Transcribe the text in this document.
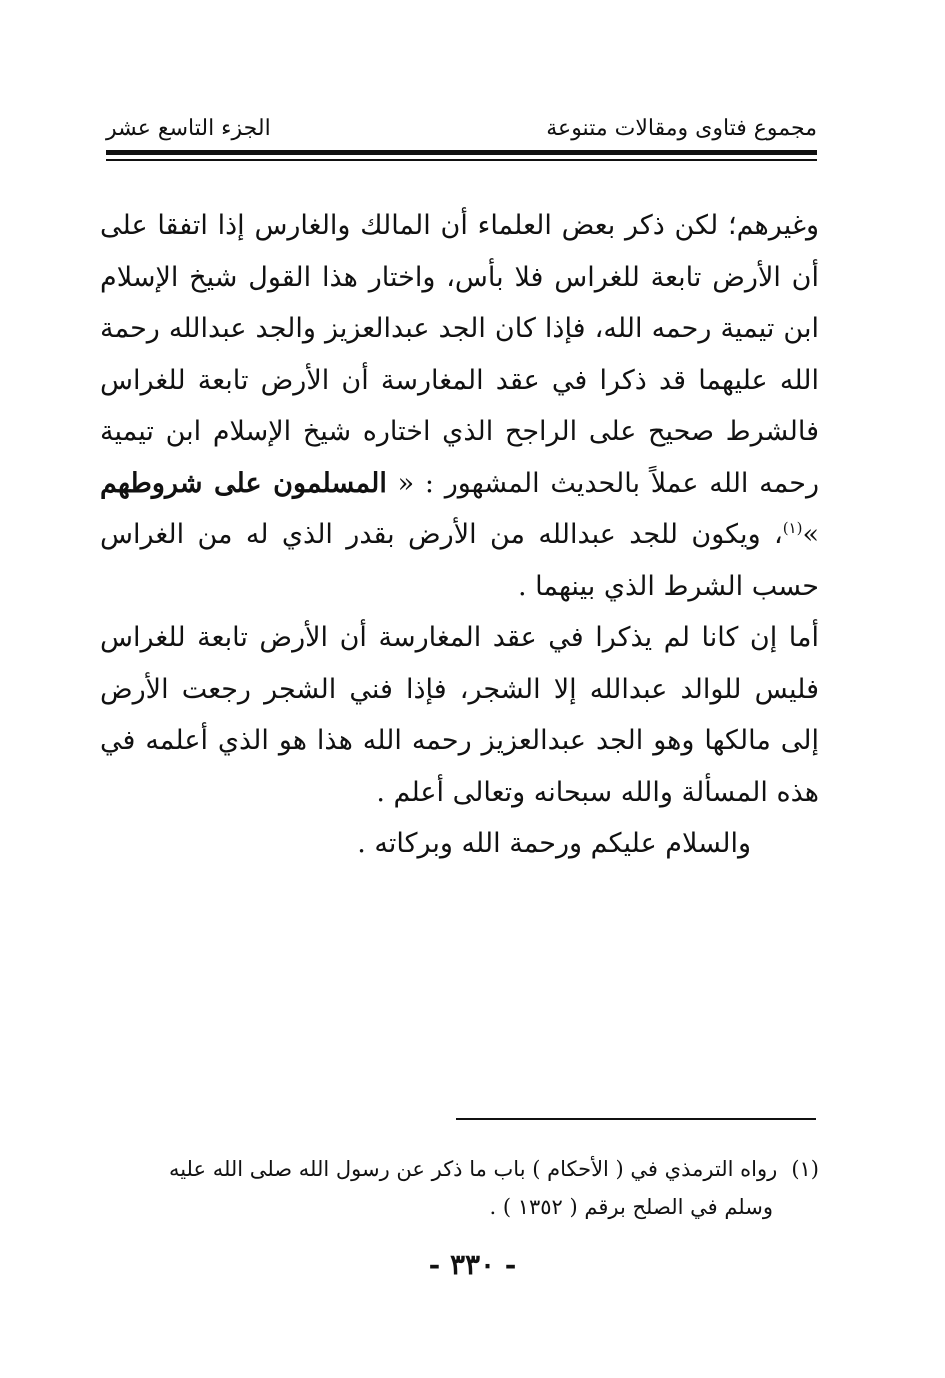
مجموع فتاوى ومقالات متنوعة
الجزء التاسع عشر

وغيرهم؛ لكن ذكر بعض العلماء أن المالك والغارس إذا اتفقا على أن الأرض تابعة للغراس فلا بأس، واختار هذا القول شيخ الإسلام ابن تيمية رحمه الله، فإذا كان الجد عبدالعزيز والجد عبدالله رحمة الله عليهما قد ذكرا في عقد المغارسة أن الأرض تابعة للغراس فالشرط صحيح على الراجح الذي اختاره شيخ الإسلام ابن تيمية رحمه الله عملاً بالحديث المشهور : « المسلمون على شروطهم »$^{(١)}$، ويكون للجد عبدالله من الأرض بقدر الذي له من الغراس حسب الشرط الذي بينهما .

أما إن كانا لم يذكرا في عقد المغارسة أن الأرض تابعة للغراس فليس للوالد عبدالله إلا الشجر، فإذا فني الشجر رجعت الأرض إلى مالكها وهو الجد عبدالعزيز رحمه الله هذا هو الذي أعلمه في هذه المسألة والله سبحانه وتعالى أعلم .

والسلام عليكم ورحمة الله وبركاته .

(١)رواه الترمذي في ( الأحكام ) باب ما ذكر عن رسول الله صلى الله عليه
وسلم في الصلح برقم ( ١٣٥٢ ) .
- ٣٣٠ -
